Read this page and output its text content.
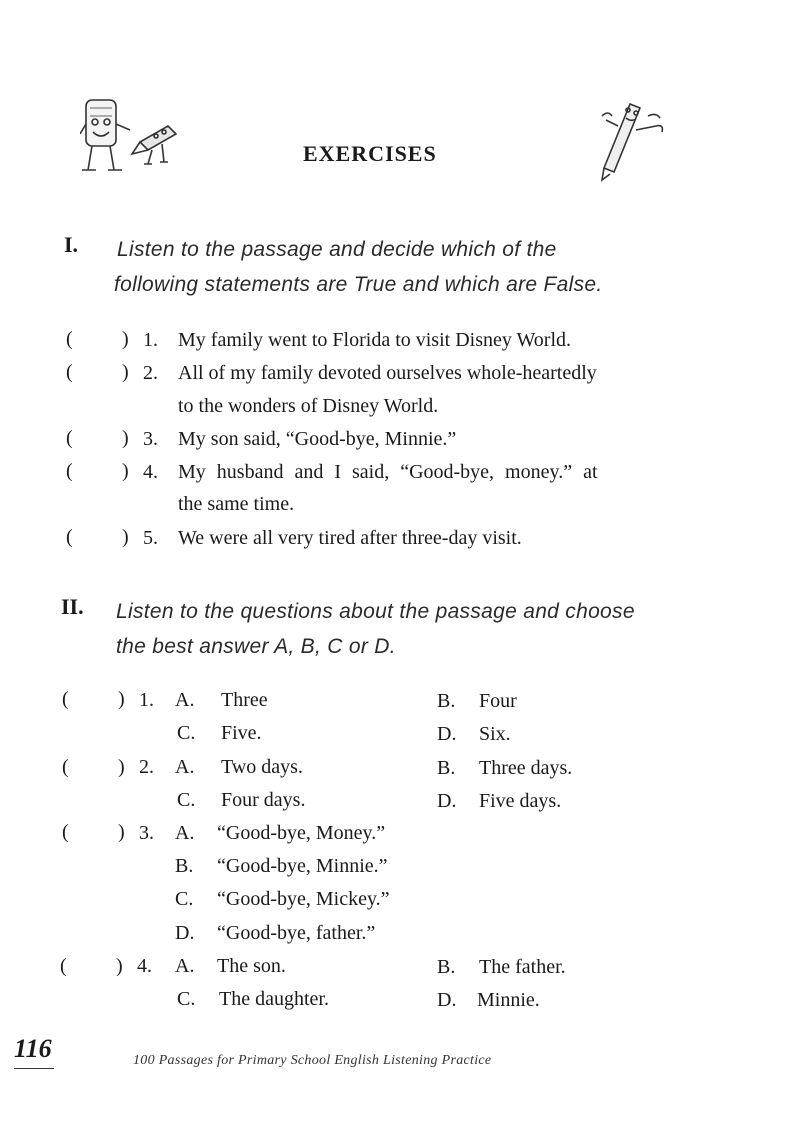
EXERCISES
I. Listen to the passage and decide which of the
following statements are True and which are False.
( ) 1. My family went to Florida to visit Disney World.
( ) 2. All of my family devoted ourselves whole-heartedly
to the wonders of Disney World.
( ) 3. My son said, “Good-bye, Minnie.”
( ) 4. My husband and I said, “Good-bye, money.” at
the same time.
( ) 5. We were all very tired after three-day visit.
II. Listen to the questions about the passage and choose
the best answer A, B, C or D.
( ) 1. A. Three	B. Four
C. Five.	D. Six.
( ) 2. A. Two days.	B. Three days.
C. Four days.	D. Five days.
( ) 3. A. “Good-bye, Money.”
B. “Good-bye, Minnie.”
C. “Good-bye, Mickey.”
D. “Good-bye, father.”
( ) 4. A. The son.	B. The father.
C. The daughter.	D. Minnie.
116	100 Passages for Primary School English Listening Practice
